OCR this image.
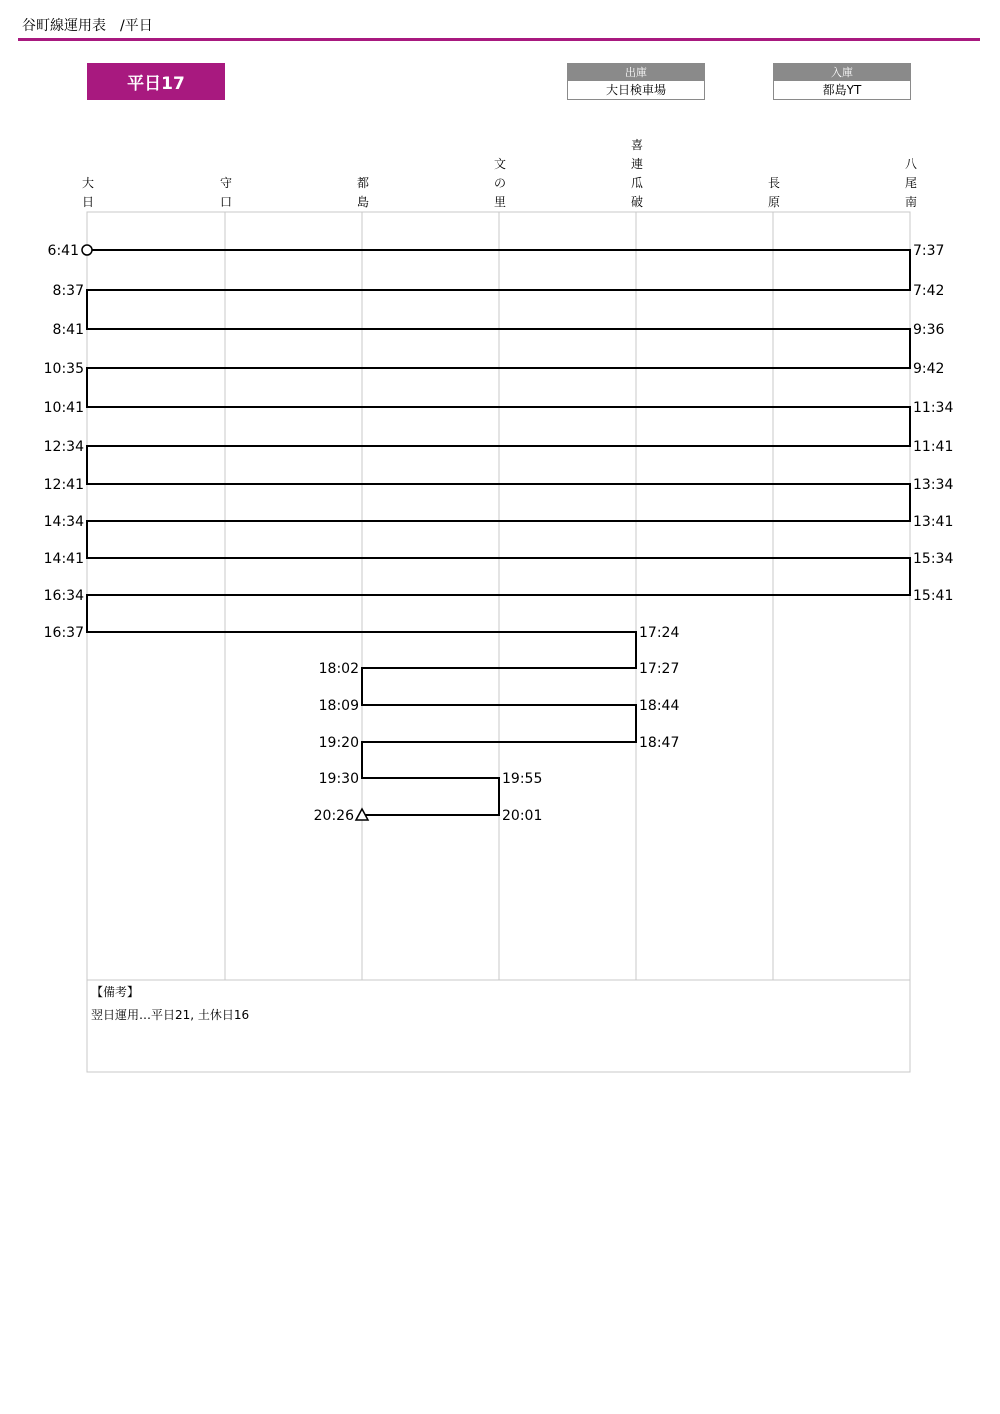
谷町線運用表　/平日
平日17
出庫
大日検車場
入庫
都島YT
大
日
守
口
都
島
文
の
里
喜
連
瓜
破
長
原
八
尾
南
6:41	7:37
7:42
8:37
8:41	9:36
9:42
10:35
10:41	11:34
11:41
12:34
12:41	13:34
13:41
14:34
14:41	15:34
15:41
16:34
16:37	17:24
17:27
18:02
18:09	18:44
18:47
19:20
19:30	19:55
20:01
20:26
【備考】
翌日運用…平日21, 土休日16
